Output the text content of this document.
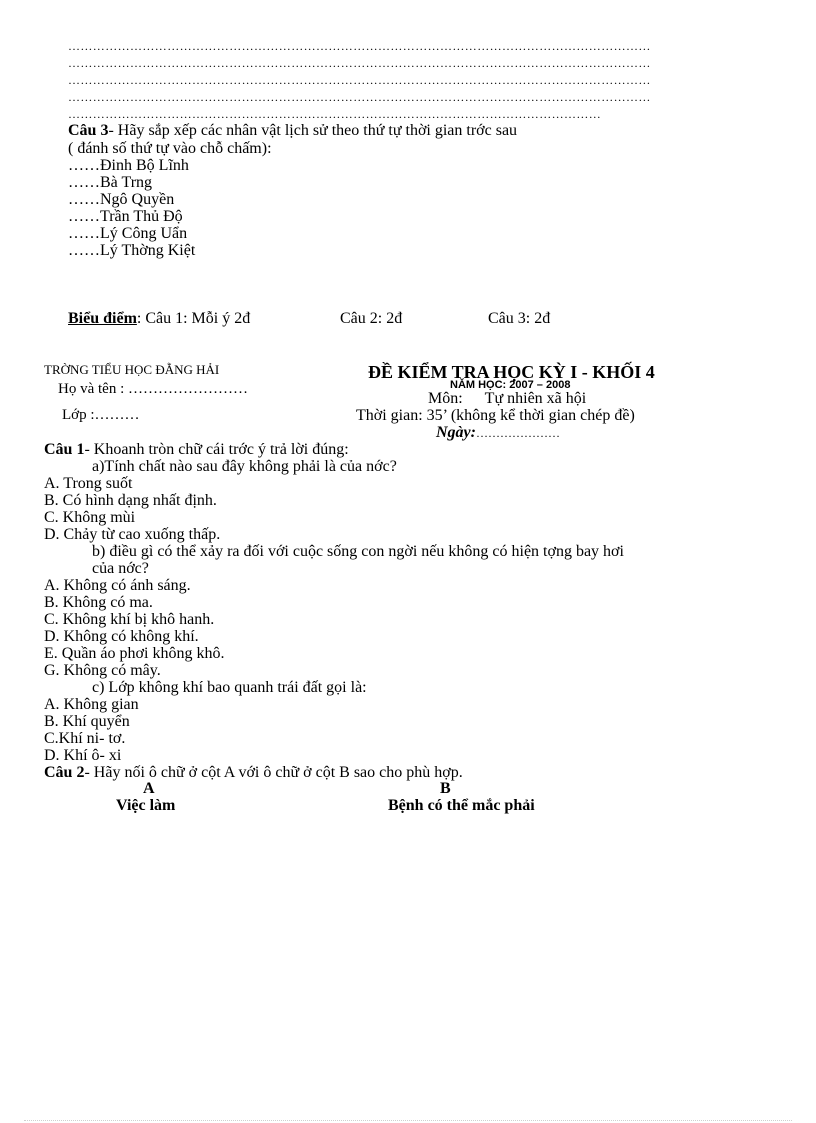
……………………………………………………………………………………………………………………………
……………………………………………………………………………………………………………………………
……………………………………………………………………………………………………………………………
……………………………………………………………………………………………………………………………
…………………………………………………………………………………………………………………
Câu 3- Hãy sắp xếp các nhân vật lịch sử theo thứ tự thời gian trớc sau
( đánh số thứ tự vào chỗ chấm):
……Đinh Bộ Lĩnh
……Bà Trng
……Ngô Quyền
……Trần Thủ Độ
……Lý Công Uẩn
……Lý Thờng Kiệt
Biểu điểm: Câu 1: Mỗi ý 2đ	Câu 2: 2đ	Câu 3: 2đ
TRỜNG TIỂU HỌC ĐẰNG HẢI
Họ và tên : ……………………
Lớp :………
ĐỀ KIỂM TRA HỌC KỲ I - KHỐI 4
NĂM HỌC: 2007 – 2008
Môn: Tự nhiên xã hội
Thời gian: 35’ (không kể thời gian chép đề)
Ngày:…………………
Câu 1- Khoanh tròn chữ cái trớc ý trả lời đúng:
a)Tính chất nào sau đây không phải là của nớc?
A. Trong suốt
B. Có hình dạng nhất định.
C. Không mùi
D. Chảy từ cao xuống thấp.
b) điều gì có thể xảy ra đối với cuộc sống con ngời nếu không có hiện tợng bay hơi
của nớc?
A. Không có ánh sáng.
B. Không có ma.
C. Không khí bị khô hanh.
D. Không có không khí.
E. Quần áo phơi không khô.
G. Không có mây.
c) Lớp không khí bao quanh trái đất gọi là:
A. Không gian
B. Khí quyển
C.Khí ni- tơ.
D. Khí ô- xi
Câu 2- Hãy nối ô chữ ở cột A với ô chữ ở cột B sao cho phù hợp.
A	B
Việc làm	Bệnh có thể mắc phải
